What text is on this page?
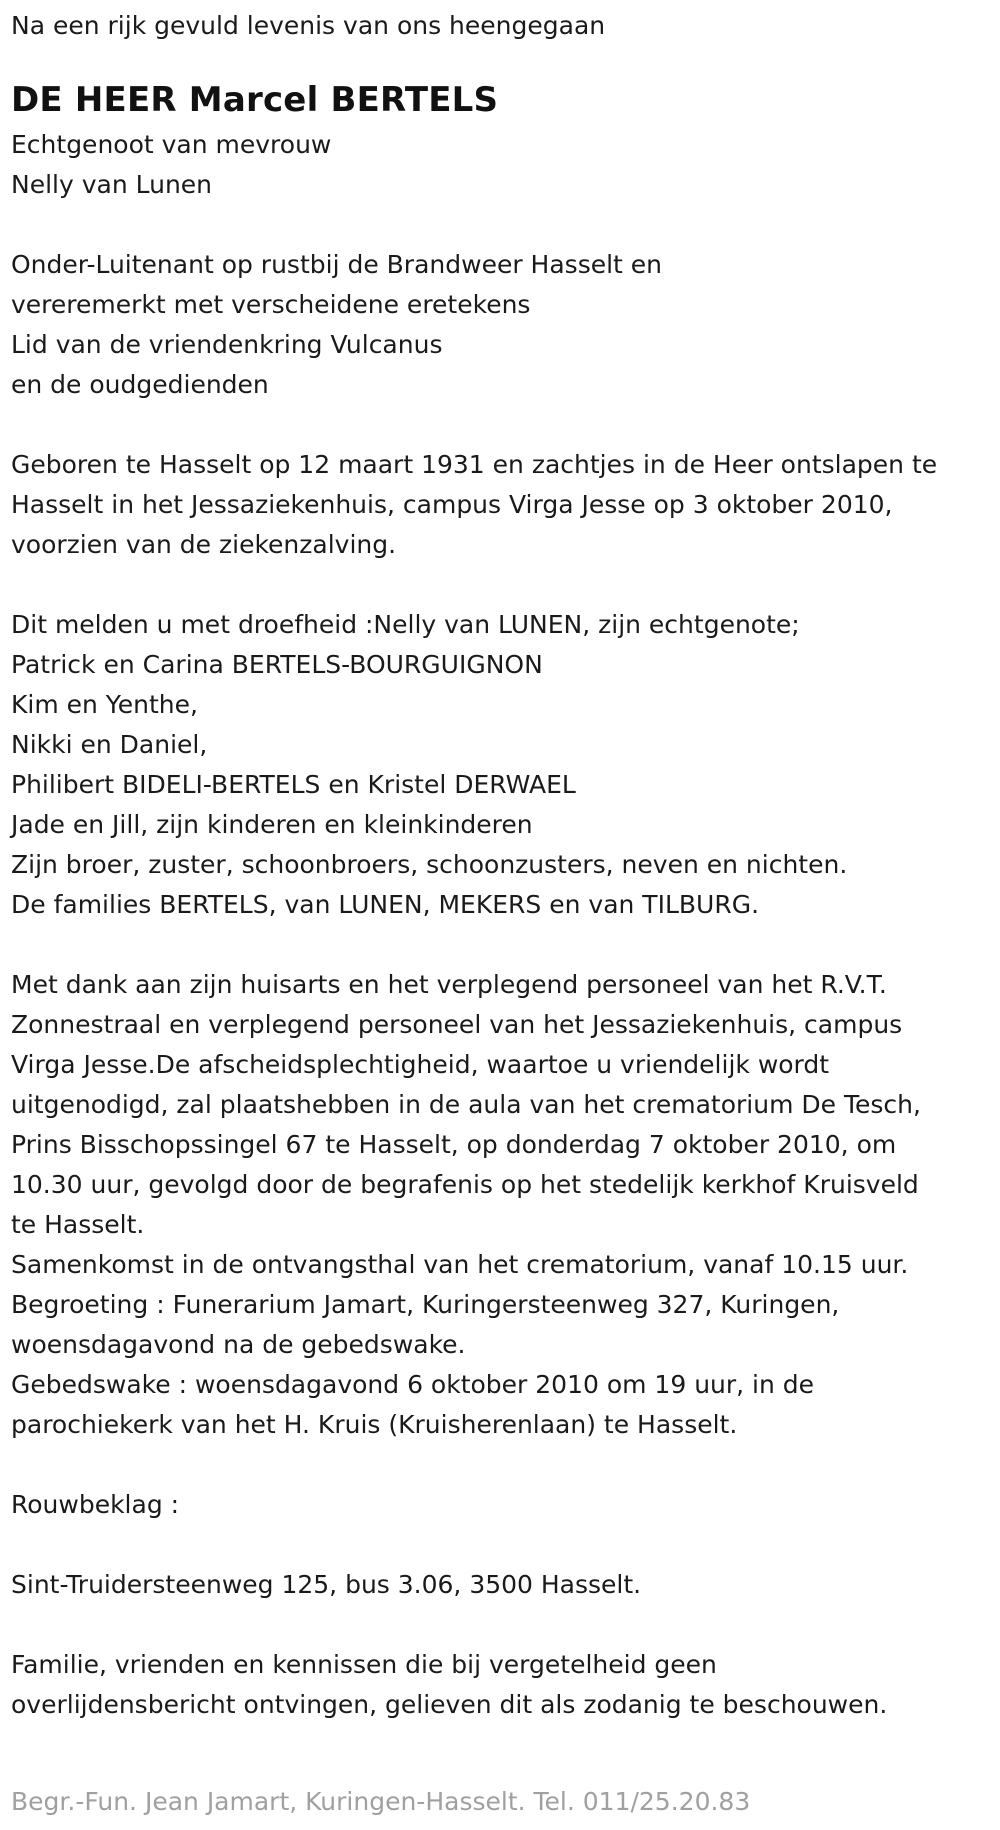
Na een rijk gevuld levenis van ons heengegaan

DE HEER Marcel BERTELS

Echtgenoot van mevrouw

Nelly van Lunen

Onder-Luitenant op rustbij de Brandweer Hasselt en

vereremerkt met verscheidene eretekens

Lid van de vriendenkring Vulcanus

en de oudgedienden

Geboren te Hasselt op 12 maart 1931 en zachtjes in de Heer ontslapen te

Hasselt in het Jessaziekenhuis, campus Virga Jesse op 3 oktober 2010,

voorzien van de ziekenzalving.

Dit melden u met droefheid :Nelly van LUNEN, zijn echtgenote;

Patrick en Carina BERTELS-BOURGUIGNON

Kim en Yenthe,

Nikki en Daniel,

Philibert BIDELI-BERTELS en Kristel DERWAEL

Jade en Jill, zijn kinderen en kleinkinderen

Zijn broer, zuster, schoonbroers, schoonzusters, neven en nichten.

De families BERTELS, van LUNEN, MEKERS en van TILBURG.

Met dank aan zijn huisarts en het verplegend personeel van het R.V.T.

Zonnestraal en verplegend personeel van het Jessaziekenhuis, campus

Virga Jesse.De afscheidsplechtigheid, waartoe u vriendelijk wordt

uitgenodigd, zal plaatshebben in de aula van het crematorium De Tesch,

Prins Bisschopssingel 67 te Hasselt, op donderdag 7 oktober 2010, om

10.30 uur, gevolgd door de begrafenis op het stedelijk kerkhof Kruisveld

te Hasselt.

Samenkomst in de ontvangsthal van het crematorium, vanaf 10.15 uur.

Begroeting : Funerarium Jamart, Kuringersteenweg 327, Kuringen,

woensdagavond na de gebedswake.

Gebedswake : woensdagavond 6 oktober 2010 om 19 uur, in de

parochiekerk van het H. Kruis (Kruisherenlaan) te Hasselt.

Rouwbeklag :

Sint-Truidersteenweg 125, bus 3.06, 3500 Hasselt.

Familie, vrienden en kennissen die bij vergetelheid geen

overlijdensbericht ontvingen, gelieven dit als zodanig te beschouwen.

Begr.-Fun. Jean Jamart, Kuringen-Hasselt. Tel. 011/25.20.83
